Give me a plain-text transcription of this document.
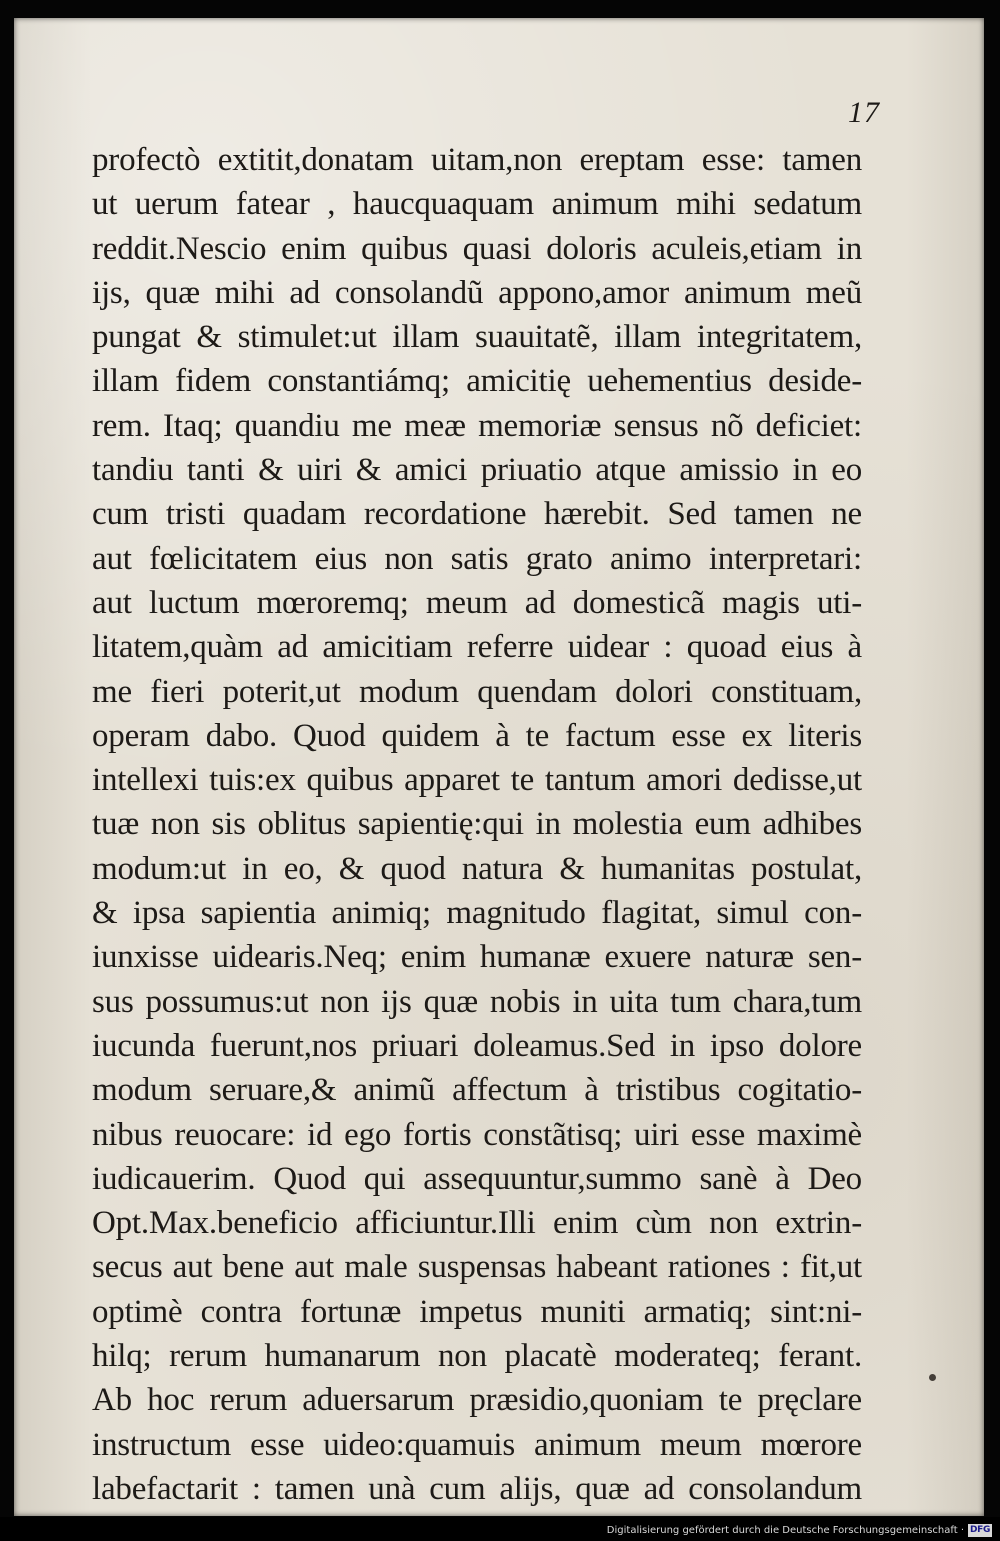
17
profectò extitit,donatam uitam,non ereptam esse: tamen
ut uerum fatear , haucquaquam animum mihi sedatum
reddit.Nescio enim quibus quasi doloris aculeis,etiam in
ijs, quæ mihi ad consolandũ appono,amor animum meũ
pungat & stimulet:ut illam suauitatẽ, illam integritatem,
illam fidem constantiámq; amicitię uehementius deside-
rem. Itaq; quandiu me meæ memoriæ sensus nõ deficiet:
tandiu tanti & uiri & amici priuatio atque amissio in eo
cum tristi quadam recordatione hærebit. Sed tamen ne
aut fœlicitatem eius non satis grato animo interpretari:
aut luctum mœroremq; meum ad domesticã magis uti-
litatem,quàm ad amicitiam referre uidear : quoad eius à
me fieri poterit,ut modum quendam dolori constituam,
operam dabo. Quod quidem à te factum esse ex literis
intellexi tuis:ex quibus apparet te tantum amori dedisse,ut
tuæ non sis oblitus sapientię:qui in molestia eum adhibes
modum:ut in eo, & quod natura & humanitas postulat,
& ipsa sapientia animiq; magnitudo flagitat, simul con-
iunxisse uidearis.Neq; enim humanæ exuere naturæ sen-
sus possumus:ut non ijs quæ nobis in uita tum chara,tum
iucunda fuerunt,nos priuari doleamus.Sed in ipso dolore
modum seruare,& animũ affectum à tristibus cogitatio-
nibus reuocare: id ego fortis constãtisq; uiri esse maximè
iudicauerim. Quod qui assequuntur,summo sanè à Deo
Opt.Max.beneficio afficiuntur.Illi enim cùm non extrin-
secus aut bene aut male suspensas habeant rationes : fit,ut
optimè contra fortunæ impetus muniti armatiq; sint:ni-
hilq; rerum humanarum non placatè moderateq; ferant.
Ab hoc rerum aduersarum præsidio,quoniam te pręclare
instructum esse uideo:quamuis animum meum mœrore
labefactarit : tamen unà cum alijs, quæ ad consolandum
Digitalisierung gefördert durch die Deutsche Forschungsgemeinschaft · DFG
